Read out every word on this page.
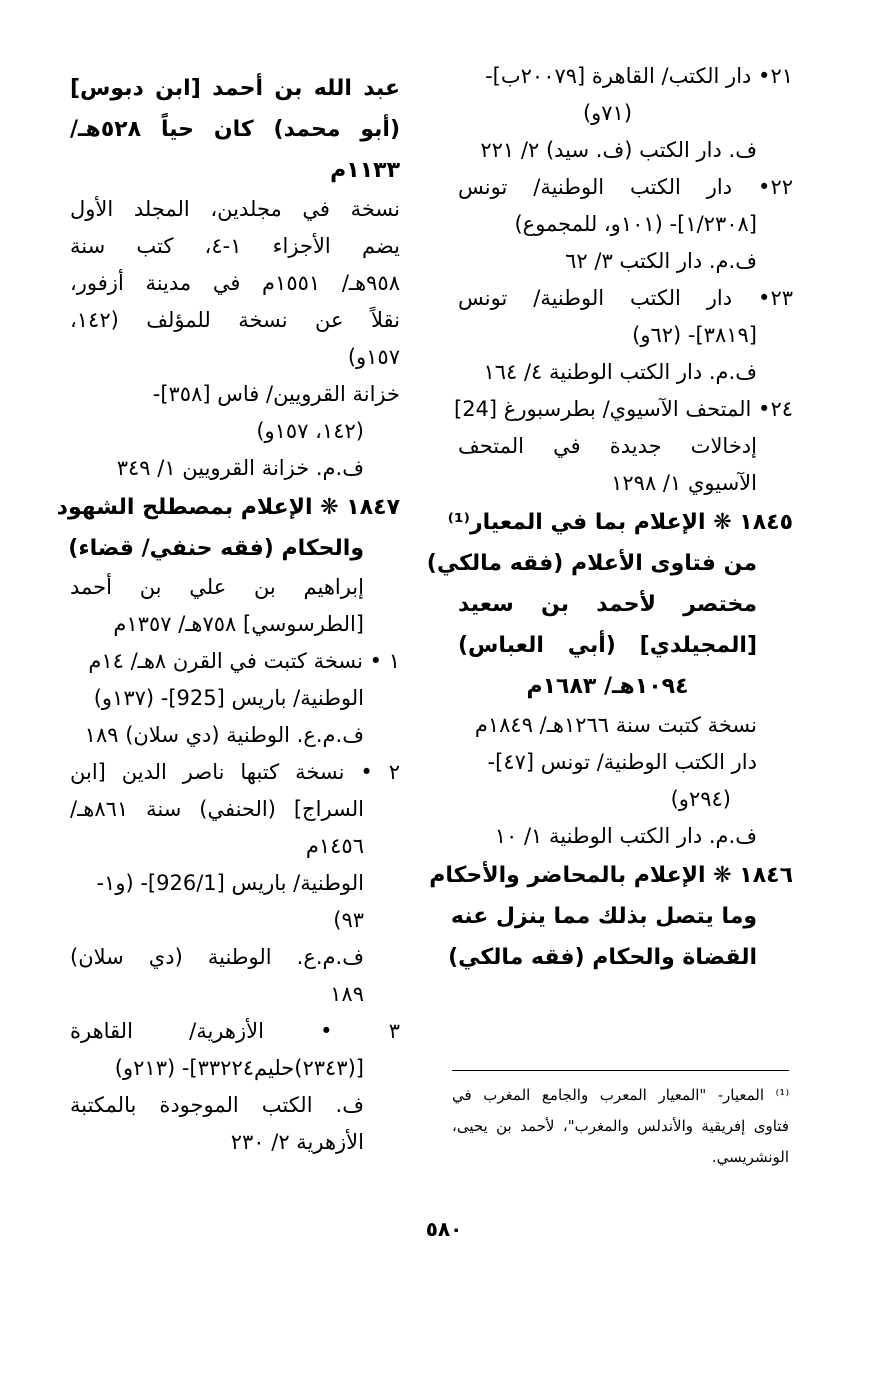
٢١• دار الكتب/ القاهرة [٢٠٠٧٩ب]-
(٧١و)
ف. دار الكتب (ف. سيد) ٢/ ٢٢١
٢٢• دار الكتب الوطنية/ تونس
[١/٢٣٠٨]- (١٠١و، للمجموع)
ف.م. دار الكتب ٣/ ٦٢
٢٣• دار الكتب الوطنية/ تونس
[٣٨١٩]- (٦٢و)
ف.م. دار الكتب الوطنية ٤/ ١٦٤
٢٤• المتحف الآسيوي/ بطرسبورغ [24]
إدخالات جديدة في المتحف
الآسيوي ١/ ١٢٩٨
١٨٤٥ ❋ الإعلام بما في المعيار⁽¹⁾
من فتاوى الأعلام (فقه مالكي)
مختصر لأحمد بن سعيد
[المجيلدي] (أبي العباس)
١٠٩٤هـ/ ١٦٨٣م
نسخة كتبت سنة ١٢٦٦هـ/ ١٨٤٩م
دار الكتب الوطنية/ تونس [٤٧]-
(٢٩٤و)
ف.م. دار الكتب الوطنية ١/ ١٠
١٨٤٦ ❋ الإعلام بالمحاضر والأحكام
وما يتصل بذلك مما ينزل عنه
القضاة والحكام (فقه مالكي)
عبد الله بن أحمد [ابن دبوس]
(أبو محمد) كان حياً ٥٢٨هـ/
١١٣٣م
نسخة في مجلدين، المجلد الأول
يضم الأجزاء ١-٤، كتب سنة
٩٥٨هـ/ ١٥٥١م في مدينة أزفور،
نقلاً عن نسخة للمؤلف (١٤٢،
١٥٧و)
خزانة القرويين/ فاس [٣٥٨]-
(١٤٢، ١٥٧و)
ف.م. خزانة القرويين ١/ ٣٤٩
١٨٤٧ ❋ الإعلام بمصطلح الشهود
والحكام (فقه حنفي/ قضاء)
إبراهيم بن علي بن أحمد
[الطرسوسي] ٧٥٨هـ/ ١٣٥٧م
١ • نسخة كتبت في القرن ٨هـ/ ١٤م
الوطنية/ باريس [925]- (١٣٧و)
ف.م.ع. الوطنية (دي سلان) ١٨٩
٢ • نسخة كتبها ناصر الدين [ابن
السراج] (الحنفي) سنة ٨٦١هـ/
١٤٥٦م
الوطنية/ باريس [926/1]- (و١-
٩٣)
ف.م.ع. الوطنية (دي سلان)
١٨٩
٣ • الأزهرية/ القاهرة
[(٢٣٤٣)حليم٣٣٢٢٤]- (٢١٣و)
ف. الكتب الموجودة بالمكتبة
الأزهرية ٢/ ٢٣٠
⁽¹⁾ المعيار- "المعيار المعرب والجامع المغرب في
فتاوى إفريقية والأندلس والمغرب"، لأحمد بن يحيى،
الونشريسي.
٥٨٠
